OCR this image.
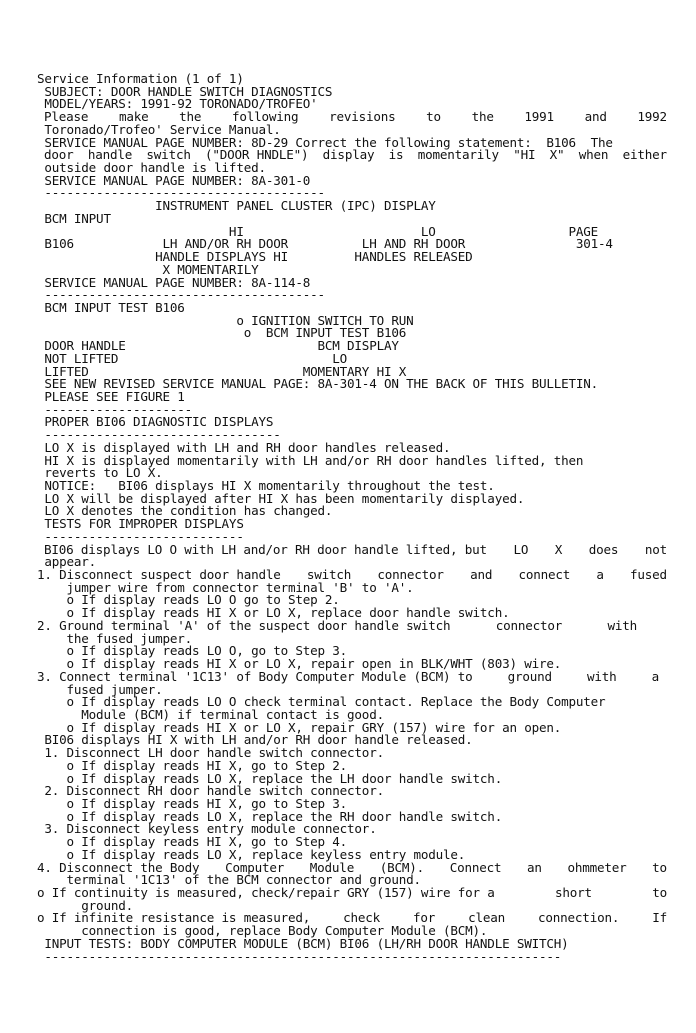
Service Information (1 of 1)
SUBJECT: DOOR HANDLE SWITCH DIAGNOSTICS
MODEL/YEARS: 1991-92 TORONADO/TROFEO'
Please make the following revisions to the 1991 and 1992
Toronado/Trofeo' Service Manual.
SERVICE MANUAL PAGE NUMBER: 8D-29 Correct the following statement:  B106  The
door handle switch ("DOOR HNDLE") display is momentarily "HI X" when either
outside door handle is lifted.
SERVICE MANUAL PAGE NUMBER: 8A-301-0
--------------------------------------
INSTRUMENT PANEL CLUSTER (IPC) DISPLAY
BCM INPUT
HI                        LO                  PAGE
B106            LH AND/OR RH DOOR          LH AND RH DOOR               301-4
HANDLE DISPLAYS HI         HANDLES RELEASED
X MOMENTARILY
SERVICE MANUAL PAGE NUMBER: 8A-114-8
--------------------------------------
BCM INPUT TEST B106
o IGNITION SWITCH TO RUN
o  BCM INPUT TEST B106
DOOR HANDLE                          BCM DISPLAY
NOT LIFTED                             LO
LIFTED                             MOMENTARY HI X
SEE NEW REVISED SERVICE MANUAL PAGE: 8A-301-4 ON THE BACK OF THIS BULLETIN.
PLEASE SEE FIGURE 1
--------------------
PROPER BI06 DIAGNOSTIC DISPLAYS
--------------------------------
LO X is displayed with LH and RH door handles released.
HI X is displayed momentarily with LH and/or RH door handles lifted, then
reverts to LO X.
NOTICE:   BI06 displays HI X momentarily throughout the test.
LO X will be displayed after HI X has been momentarily displayed.
LO X denotes the condition has changed.
TESTS FOR IMPROPER DISPLAYS
---------------------------
BI06 displays LO O with LH and/or RH door handle lifted, but LO X does not
appear.
1. Disconnect suspect door handle switch connector and connect a fused
jumper wire from connector terminal 'B' to 'A'.
o If display reads LO O go to Step 2.
o If display reads HI X or LO X, replace door handle switch.
2. Ground terminal 'A' of the suspect door handle switch	connector	with
the fused jumper.
o If display reads LO O, go to Step 3.
o If display reads HI X or LO X, repair open in BLK/WHT (803) wire.
3. Connect terminal '1C13' of Body Computer Module (BCM) to	ground	with	a
fused jumper.
o If display reads LO O check terminal contact. Replace the Body Computer
Module (BCM) if terminal contact is good.
o If display reads HI X or LO X, repair GRY (157) wire for an open.
BI06 displays HI X with LH and/or RH door handle released.
1. Disconnect LH door handle switch connector.
o If display reads HI X, go to Step 2.
o If display reads LO X, replace the LH door handle switch.
2. Disconnect RH door handle switch connector.
o If display reads HI X, go to Step 3.
o If display reads LO X, replace the RH door handle switch.
3. Disconnect keyless entry module connector.
o If display reads HI X, go to Step 4.
o If display reads LO X, replace keyless entry module.
4. Disconnect the Body Computer Module (BCM). Connect an ohmmeter to
terminal '1C13' of the BCM connector and ground.
o If continuity is measured, check/repair GRY (157) wire for a	short	to
ground.
o If infinite resistance is measured,	check	for	clean	connection.	If
connection is good, replace Body Computer Module (BCM).
INPUT TESTS: BODY COMPUTER MODULE (BCM) BI06 (LH/RH DOOR HANDLE SWITCH)
----------------------------------------------------------------------
